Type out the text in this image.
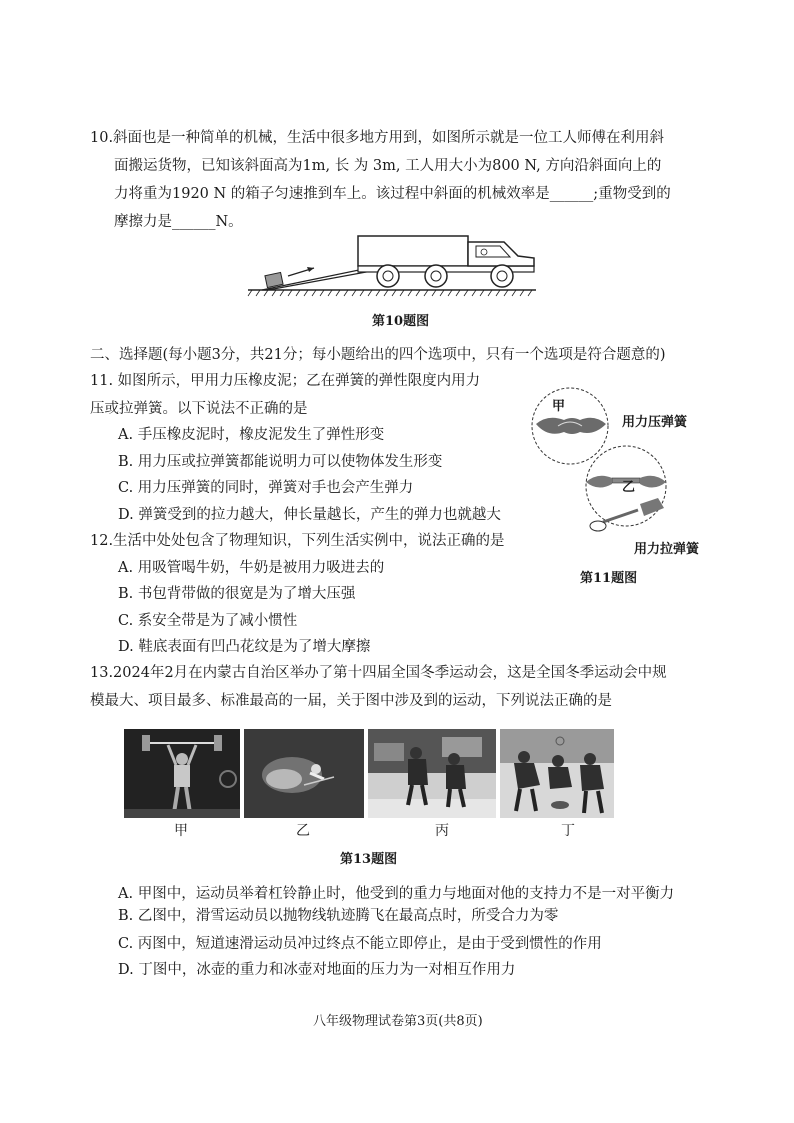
10.斜面也是一种简单的机械，生活中很多地方用到，如图所示就是一位工人师傅在利用斜
面搬运货物，已知该斜面高为1m, 长 为 3m, 工人用大小为800 N, 方向沿斜面向上的
力将重为1920 N 的箱子匀速推到车上。该过程中斜面的机械效率是______;重物受到的
摩擦力是______N。
第10题图
二、选择题(每小题3分，共21分；每小题给出的四个选项中，只有一个选项是符合题意的)
11. 如图所示，甲用力压橡皮泥；乙在弹簧的弹性限度内用力
压或拉弹簧。以下说法不正确的是
A. 手压橡皮泥时，橡皮泥发生了弹性形变
B. 用力压或拉弹簧都能说明力可以使物体发生形变
C. 用力压弹簧的同时，弹簧对手也会产生弹力
D. 弹簧受到的拉力越大，伸长量越长，产生的弹力也就越大
甲
用力压弹簧
乙
用力拉弹簧
第11题图
12.生活中处处包含了物理知识，下列生活实例中，说法正确的是
A. 用吸管喝牛奶，牛奶是被用力吸进去的
B. 书包背带做的很宽是为了增大压强
C. 系安全带是为了减小惯性
D. 鞋底表面有凹凸花纹是为了增大摩擦
13.2024年2月在内蒙古自治区举办了第十四届全国冬季运动会，这是全国冬季运动会中规
模最大、项目最多、标准最高的一届，关于图中涉及到的运动，下列说法正确的是
甲	乙	丙	丁
第13题图
A. 甲图中，运动员举着杠铃静止时，他受到的重力与地面对他的支持力不是一对平衡力
B. 乙图中，滑雪运动员以抛物线轨迹腾飞在最高点时，所受合力为零
C. 丙图中，短道速滑运动员冲过终点不能立即停止，是由于受到惯性的作用
D. 丁图中，冰壶的重力和冰壶对地面的压力为一对相互作用力
八年级物理试卷第3页(共8页)
